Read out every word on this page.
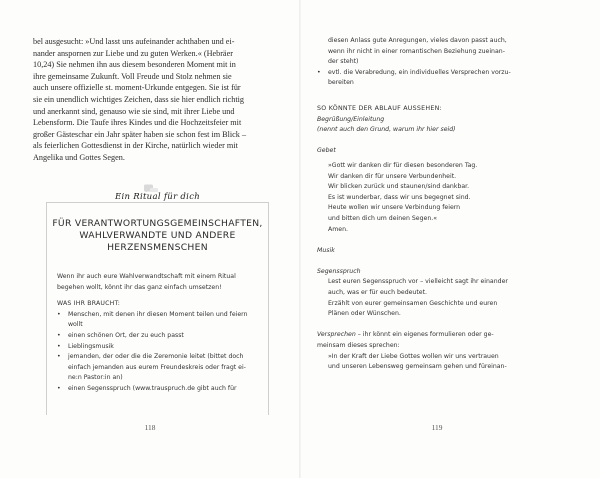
bel ausgesucht: »Und lasst uns aufeinander achthaben und ei-

nander anspornen zur Liebe und zu guten Werken.« (Hebräer

10,24) Sie nehmen ihn aus diesem besonderen Moment mit in

ihre gemeinsame Zukunft. Voll Freude und Stolz nehmen sie

auch unsere offizielle st. moment-Urkunde entgegen. Sie ist für

sie ein unendlich wichtiges Zeichen, dass sie hier endlich richtig

und anerkannt sind, genauso wie sie sind, mit ihrer Liebe und

Lebensform. Die Taufe ihres Kindes und die Hochzeitsfeier mit

großer Gästeschar ein Jahr später haben sie schon fest im Blick –

als feierlichen Gottesdienst in der Kirche, natürlich wieder mit

Angelika und Gottes Segen.

Ein Ritual für dich
FÜR VERANTWORTUNGSGEMEINSCHAFTEN,
WAHLVERWANDTE UND ANDERE
HERZENSMENSCHEN

Wenn ihr auch eure Wahlverwandtschaft mit einem Ritual

begehen wollt, könnt ihr das ganz einfach umsetzen!

WAS IHR BRAUCHT:

• Menschen, mit denen ihr diesen Moment teilen und feiern
wollt
• einen schönen Ort, der zu euch passt
• Lieblingsmusik
• jemanden, der oder die die Zeremonie leitet (bittet doch
einfach jemanden aus eurem Freundeskreis oder fragt ei-
ne:n Pastor:in an)
• einen Segensspruch (www.trauspruch.de gibt auch für
118
diesen Anlass gute Anregungen, vieles davon passt auch,
wenn ihr nicht in einer romantischen Beziehung zueinan-
der steht)
• evtl. die Verabredung, ein individuelles Versprechen vorzu-
bereiten
SO KÖNNTE DER ABLAUF AUSSEHEN:
Begrüßung/Einleitung
(nennt auch den Grund, warum ihr hier seid)
Gebet
»Gott wir danken dir für diesen besonderen Tag.
Wir danken dir für unsere Verbundenheit.
Wir blicken zurück und staunen/sind dankbar.
Es ist wunderbar, dass wir uns begegnet sind.
Heute wollen wir unsere Verbindung feiern
und bitten dich um deinen Segen.«
Amen.
Musik
Segensspruch
Lest euren Segensspruch vor – vielleicht sagt ihr einander
auch, was er für euch bedeutet.
Erzählt von eurer gemeinsamen Geschichte und euren
Plänen oder Wünschen.
Versprechen – ihr könnt ein eigenes formulieren oder ge-
meinsam dieses sprechen:
»In der Kraft der Liebe Gottes wollen wir uns vertrauen
und unseren Lebensweg gemeinsam gehen und füreinan-
119
